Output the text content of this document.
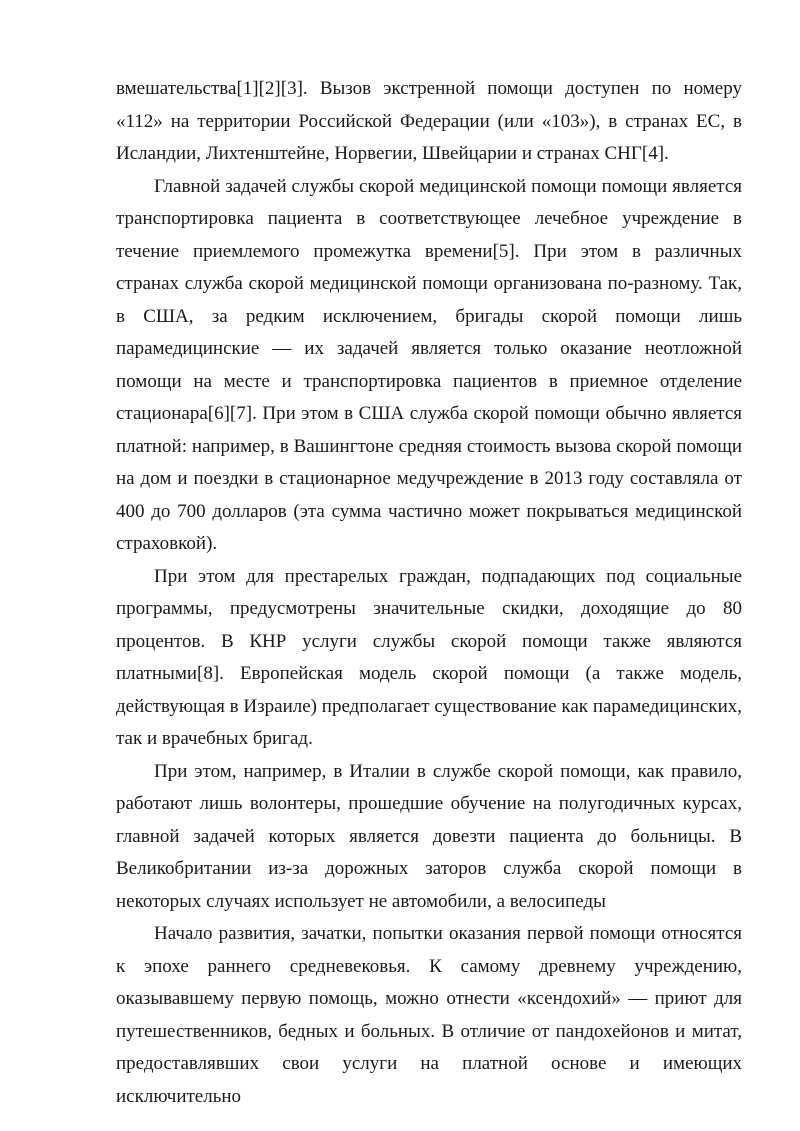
вмешательства[1][2][3]. Вызов экстренной помощи доступен по номеру «112» на территории Российской Федерации (или «103»), в странах ЕС, в Исландии, Лихтенштейне, Норвегии, Швейцарии и странах СНГ[4].

Главной задачей службы скорой медицинской помощи помощи является транспортировка пациента в соответствующее лечебное учреждение в течение приемлемого промежутка времени[5]. При этом в различных странах служба скорой медицинской помощи организована по-разному. Так, в США, за редким исключением, бригады скорой помощи лишь парамедицинские — их задачей является только оказание неотложной помощи на месте и транспортировка пациентов в приемное отделение стационара[6][7]. При этом в США служба скорой помощи обычно является платной: например, в Вашингтоне средняя стоимость вызова скорой помощи на дом и поездки в стационарное медучреждение в 2013 году составляла от 400 до 700 долларов (эта сумма частично может покрываться медицинской страховкой).

При этом для престарелых граждан, подпадающих под социальные программы, предусмотрены значительные скидки, доходящие до 80 процентов. В КНР услуги службы скорой помощи также являются платными[8]. Европейская модель скорой помощи (а также модель, действующая в Израиле) предполагает существование как парамедицинских, так и врачебных бригад.

При этом, например, в Италии в службе скорой помощи, как правило, работают лишь волонтеры, прошедшие обучение на полугодичных курсах, главной задачей которых является довезти пациента до больницы. В Великобритании из-за дорожных заторов служба скорой помощи в некоторых случаях использует не автомобили, а велосипеды

Начало развития, зачатки, попытки оказания первой помощи относятся к эпохе раннего средневековья. К самому древнему учреждению, оказывавшему первую помощь, можно отнести «ксендохий» — приют для путешественников, бедных и больных. В отличие от пандохейонов и митат, предоставлявших свои услуги на платной основе и имеющих исключительно
